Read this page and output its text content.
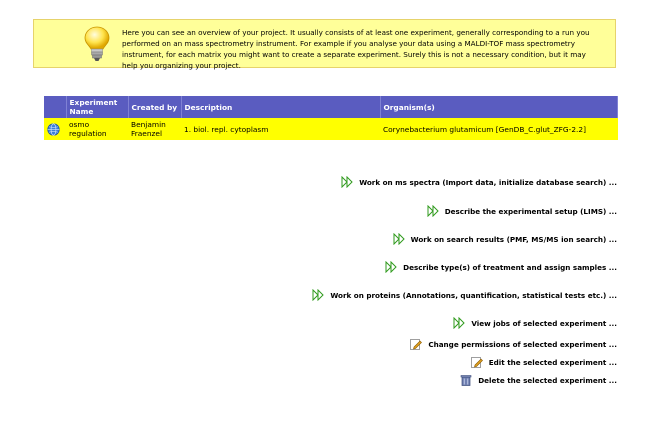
Here you can see an overview of your project. It usually consists of at least one experiment, generally corresponding to a run you performed on an mass spectrometry instrument. For example if you analyse your data using a MALDI-TOF mass spectrometry instrument, for each matrix you might want to create a separate experiment. Surely this is not a necessary condition, but it may help you organizing your project.
	Experiment Name	Created by	Description	Organism(s)

	osmo regulation	Benjamin Fraenzel	1. biol. repl. cytoplasm	Corynebacterium glutamicum [GenDB_C.glut_ZFG-2.2]
Work on ms spectra (Import data, initialize database search) ...
Describe the experimental setup (LIMS) ...
Work on search results (PMF, MS/MS ion search) ...
Describe type(s) of treatment and assign samples ...
Work on proteins (Annotations, quantification, statistical tests etc.) ...
View jobs of selected experiment ...
Change permissions of selected experiment ...
Edit the selected experiment ...
Delete the selected experiment ...
